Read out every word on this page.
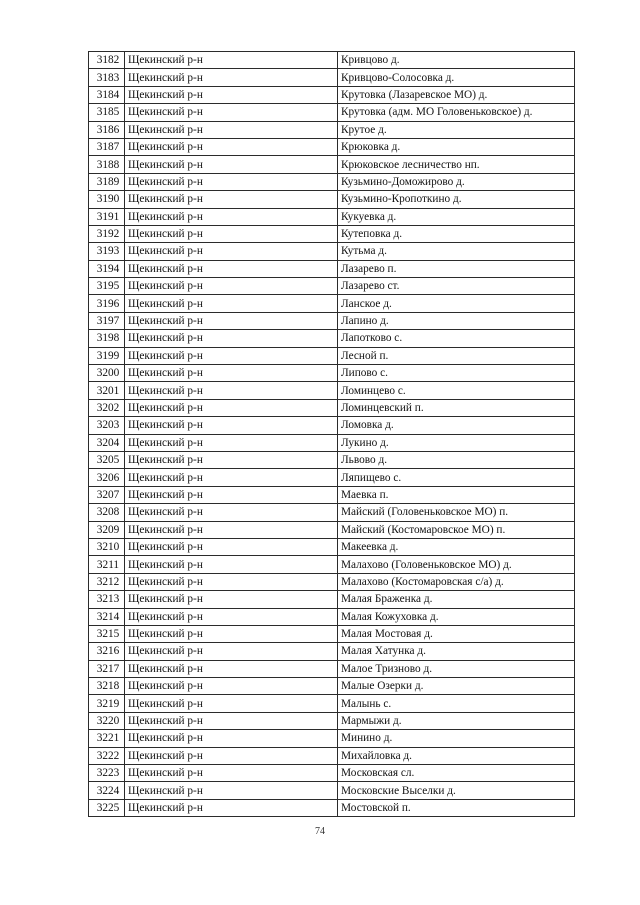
3182	Щекинский р-н	Кривцово д.
3183	Щекинский р-н	Кривцово-Солосовка д.
3184	Щекинский р-н	Крутовка (Лазаревское МО) д.
3185	Щекинский р-н	Крутовка (адм. МО Головеньковское) д.
3186	Щекинский р-н	Крутое д.
3187	Щекинский р-н	Крюковка д.
3188	Щекинский р-н	Крюковское лесничество нп.
3189	Щекинский р-н	Кузьмино-Доможирово д.
3190	Щекинский р-н	Кузьмино-Кропоткино д.
3191	Щекинский р-н	Кукуевка д.
3192	Щекинский р-н	Кутеповка д.
3193	Щекинский р-н	Кутьма д.
3194	Щекинский р-н	Лазарево п.
3195	Щекинский р-н	Лазарево ст.
3196	Щекинский р-н	Ланское д.
3197	Щекинский р-н	Лапино д.
3198	Щекинский р-н	Лапотково с.
3199	Щекинский р-н	Лесной п.
3200	Щекинский р-н	Липово с.
3201	Щекинский р-н	Ломинцево с.
3202	Щекинский р-н	Ломинцевский п.
3203	Щекинский р-н	Ломовка д.
3204	Щекинский р-н	Лукино д.
3205	Щекинский р-н	Львово д.
3206	Щекинский р-н	Ляпищево с.
3207	Щекинский р-н	Маевка п.
3208	Щекинский р-н	Майский (Головеньковское МО) п.
3209	Щекинский р-н	Майский (Костомаровское МО) п.
3210	Щекинский р-н	Макеевка д.
3211	Щекинский р-н	Малахово (Головеньковское МО) д.
3212	Щекинский р-н	Малахово (Костомаровская с/а) д.
3213	Щекинский р-н	Малая Браженка д.
3214	Щекинский р-н	Малая Кожуховка д.
3215	Щекинский р-н	Малая Мостовая д.
3216	Щекинский р-н	Малая Хатунка д.
3217	Щекинский р-н	Малое Тризново д.
3218	Щекинский р-н	Малые Озерки д.
3219	Щекинский р-н	Малынь с.
3220	Щекинский р-н	Мармыжи д.
3221	Щекинский р-н	Минино д.
3222	Щекинский р-н	Михайловка д.
3223	Щекинский р-н	Московская сл.
3224	Щекинский р-н	Московские Выселки д.
3225	Щекинский р-н	Мостовской п.
74
